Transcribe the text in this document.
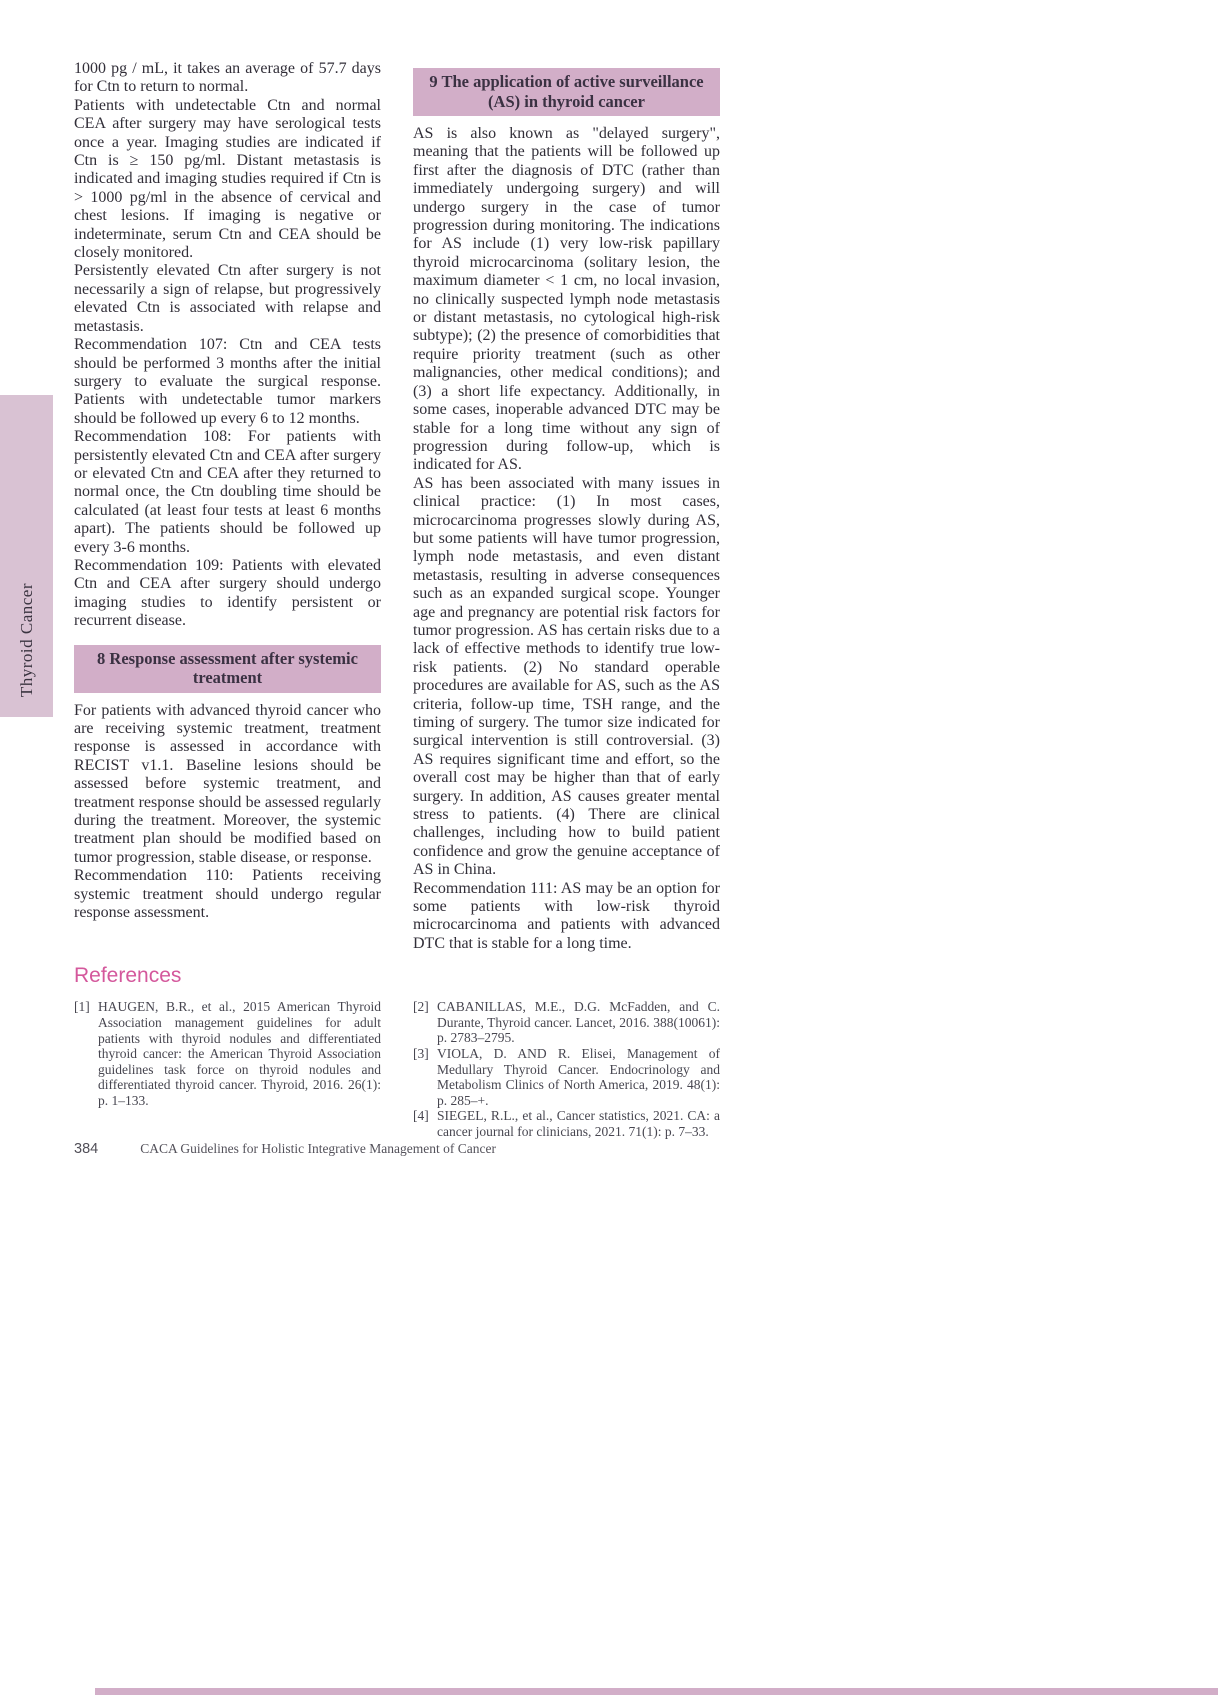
Thyroid Cancer

1000 pg / mL, it takes an average of 57.7 days for Ctn to return to normal.

Patients with undetectable Ctn and normal CEA after surgery may have serological tests once a year. Imaging studies are indicated if Ctn is ≥ 150 pg/ml. Distant metastasis is indicated and imaging studies required if Ctn is > 1000 pg/ml in the absence of cervical and chest lesions. If imaging is negative or indeterminate, serum Ctn and CEA should be closely monitored.

Persistently elevated Ctn after surgery is not necessarily a sign of relapse, but progressively elevated Ctn is associated with relapse and metastasis.

Recommendation 107: Ctn and CEA tests should be performed 3 months after the initial surgery to evaluate the surgical response. Patients with undetectable tumor markers should be followed up every 6 to 12 months.

Recommendation 108: For patients with persistently elevated Ctn and CEA after surgery or elevated Ctn and CEA after they returned to normal once, the Ctn doubling time should be calculated (at least four tests at least 6 months apart). The patients should be followed up every 3-6 months.

Recommendation 109: Patients with elevated Ctn and CEA after surgery should undergo imaging studies to identify persistent or recurrent disease.

8 Response assessment after systemic treatment

For patients with advanced thyroid cancer who are receiving systemic treatment, treatment response is assessed in accordance with RECIST v1.1. Baseline lesions should be assessed before systemic treatment, and treatment response should be assessed regularly during the treatment. Moreover, the systemic treatment plan should be modified based on tumor progression, stable disease, or response.

Recommendation 110: Patients receiving systemic treatment should undergo regular response assessment.

References
[1] HAUGEN, B.R., et al., 2015 American Thyroid Association management guidelines for adult patients with thyroid nodules and differentiated thyroid cancer: the American Thyroid Association guidelines task force on thyroid nodules and differentiated thyroid cancer. Thyroid, 2016. 26(1): p. 1–133.
9 The application of active surveillance (AS) in thyroid cancer

AS is also known as "delayed surgery", meaning that the patients will be followed up first after the diagnosis of DTC (rather than immediately undergoing surgery) and will undergo surgery in the case of tumor progression during monitoring. The indications for AS include (1) very low-risk papillary thyroid microcarcinoma (solitary lesion, the maximum diameter < 1 cm, no local invasion, no clinically suspected lymph node metastasis or distant metastasis, no cytological high-risk subtype); (2) the presence of comorbidities that require priority treatment (such as other malignancies, other medical conditions); and (3) a short life expectancy. Additionally, in some cases, inoperable advanced DTC may be stable for a long time without any sign of progression during follow-up, which is indicated for AS.

AS has been associated with many issues in clinical practice: (1) In most cases, microcarcinoma progresses slowly during AS, but some patients will have tumor progression, lymph node metastasis, and even distant metastasis, resulting in adverse consequences such as an expanded surgical scope. Younger age and pregnancy are potential risk factors for tumor progression. AS has certain risks due to a lack of effective methods to identify true low-risk patients. (2) No standard operable procedures are available for AS, such as the AS criteria, follow-up time, TSH range, and the timing of surgery. The tumor size indicated for surgical intervention is still controversial. (3) AS requires significant time and effort, so the overall cost may be higher than that of early surgery. In addition, AS causes greater mental stress to patients. (4) There are clinical challenges, including how to build patient confidence and grow the genuine acceptance of AS in China.

Recommendation 111: AS may be an option for some patients with low-risk thyroid microcarcinoma and patients with advanced DTC that is stable for a long time.

[2] CABANILLAS, M.E., D.G. McFadden, and C. Durante, Thyroid cancer. Lancet, 2016. 388(10061): p. 2783–2795.
[3] VIOLA, D. AND R. Elisei, Management of Medullary Thyroid Cancer. Endocrinology and Metabolism Clinics of North America, 2019. 48(1): p. 285–+.
[4] SIEGEL, R.L., et al., Cancer statistics, 2021. CA: a cancer journal for clinicians, 2021. 71(1): p. 7–33.
384	CACA Guidelines for Holistic Integrative Management of Cancer
